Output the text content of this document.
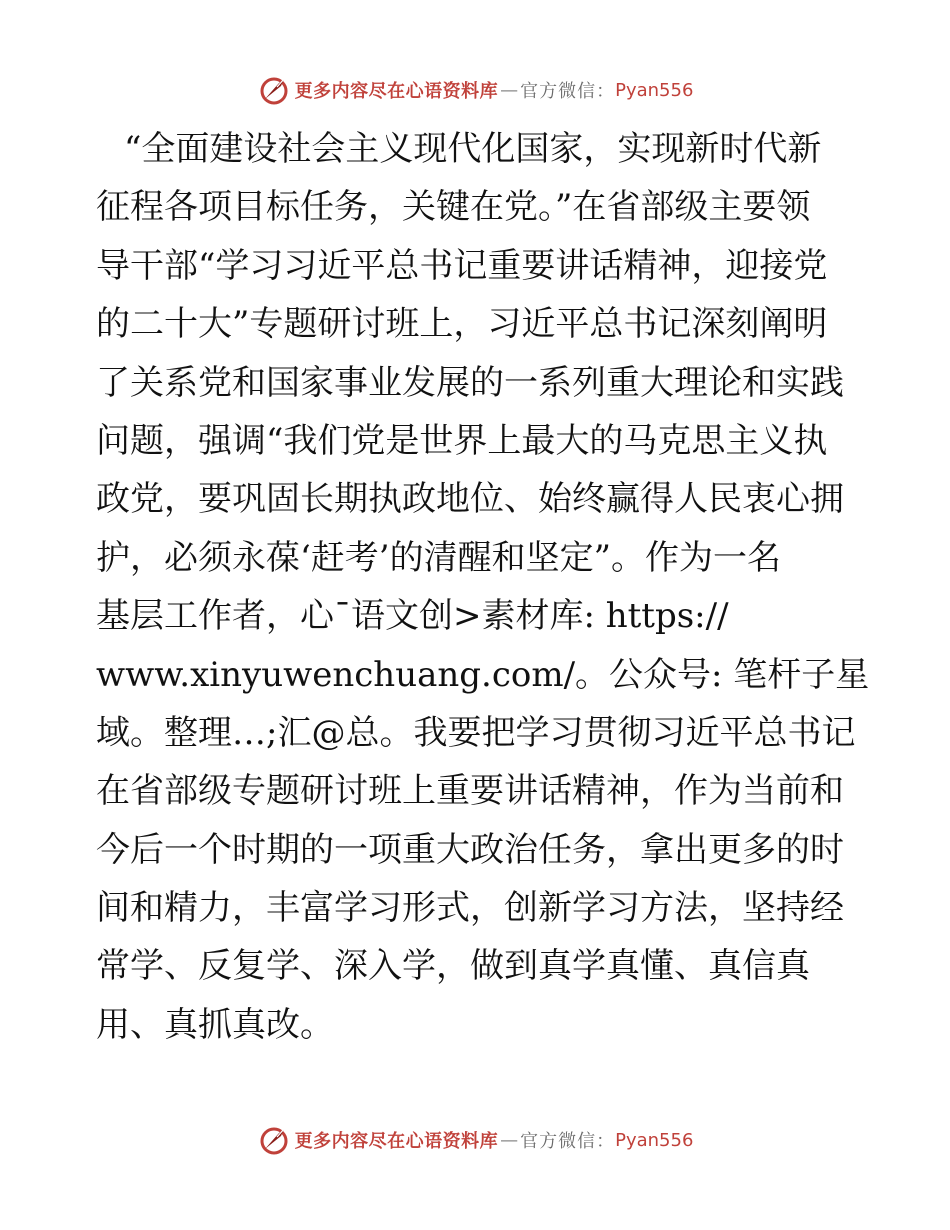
更多内容尽在心语资料库 — 官方微信： Pyan556
“全面建设社会主义现代化国家，实现新时代新
征程各项目标任务，关键在党。”在省部级主要领
导干部“学习习近平总书记重要讲话精神，迎接党
的二十大”专题研讨班上，习近平总书记深刻阐明
了关系党和国家事业发展的一系列重大理论和实践
问题，强调“我们党是世界上最大的马克思主义执
政党，要巩固长期执政地位、始终赢得人民衷心拥
护，必须永葆‘赶考’的清醒和坚定”。作为一名
基层工作者，心¯语文创>素材库: https://
www.xinyuwenchuang.com/。公众号: 笔杆子星
域。整理…;汇@总。我要把学习贯彻习近平总书记
在省部级专题研讨班上重要讲话精神，作为当前和
今后一个时期的一项重大政治任务，拿出更多的时
间和精力，丰富学习形式，创新学习方法，坚持经
常学、反复学、深入学，做到真学真懂、真信真
用、真抓真改。
更多内容尽在心语资料库 — 官方微信： Pyan556
